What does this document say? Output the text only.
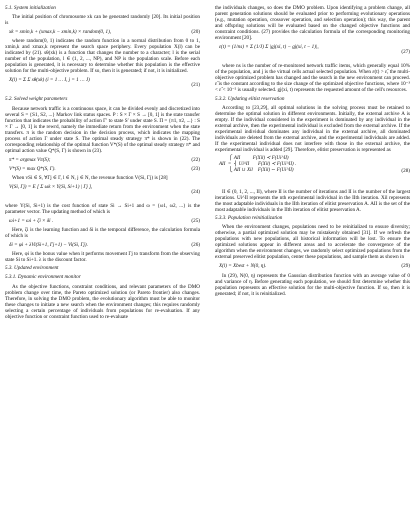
5.1. System initialization
The initial position of chromosome xk can be generated randomly [20]. Its initial position is
xk = xmin,k + (xmax,k − xmin,k) × random(0, 1),	(20)
where random(0, 1) indicates the random function in a normal distribution from 0 to 1, xmin,k and xmax,k represent the search space periphery. Every population X(l) can be indicated by (21). sθ(xk) is a function that changes the number to a character; l is the serial number of the population, l ∈ (1, 2, ..., NP), and NP is the population scale. Before each population is generated, it is necessary to determine whether this population is the effective solution for the multi-objective problem. If so, then it is generated; if not, it is initialized.
X(l) = Σ Σ sθ(xk) (i = 1 … I, j = 1 … J)
(21)
5.2. Solved weight parameters
Because network traffic is a continuous space, it can be divided evenly and discretized into several S = {S1, S2, ...} Markov link status spaces. P : S × Γ × S → [0, 1] is the state transfer function that indicates the probability of action Γ′ to state S′ under state S. Π = {π1, π2, ...} : S × Γ → [0, 1] is the rewrd, namely the immediate return from the environment when the state transfers. π is the random decision in the decision process, which indicates the mapping process of action Γ under state S. The optimal steady strategy π* is shown in (22). The corresponding relationship of the optimal function V*(S) of the optimal steady strategy π* and optimal action value Q*(S, Γ) is shown in (23).
π* = argmax Vπ(S);	(22)
V*(S) = max Q*(S, Γ).	(23)
When vSi ∈ S, ∀Γj ∈ Γ, l ∈ N, j ∈ N, the revenue function V(Si, Γj) is [28]
V(Si, Γj) = E [ Σ ωk × Υ(Si, Si+1) | Γj ],
(24)
where Υ(Si, Si+1) is the cost function of state Si → Si+1 and ω = {ω1, ω2, ...} is the parameter vector. The updating method of which is
ωi+1 = ωi + ζi × δi .	(25)
Here, ζi is the learning function and δi is the temporal difference, the calculation formula of which is
δi = φi + λVi(Si+1, Γj+1) − Vi(Si, Γj).	(26)
Here, φi is the bonus value when it performs movement Γj to transform from the observing state Si to Si+1. λ is the discount factor.
5.3. Updated environment
5.3.1. Dynamic environment monitor
As the objective functions, constraint conditions, and relevant parameters of the DMO problem change over time, the Pareto optimized solution (or Pareto frontier) also changes. Therefore, in solving the DMO problem, the evolutionary algorithm must be able to monitor these changes to initiate a new search when the environment changes; this requires randomly selecting a certain percentage of individuals from populations for re-evaluation. If any objective function or constraint function used to re-evaluate
the individuals changes, so does the DMO problem. Upon identifying a problem change, all parent generation solutions should be evaluated prior to performing evolutionary operations (e.g., mutation operation, crossover operation, and selection operation); this way, the parent and offspring solutions will be evaluated based on the changed objective functions and constraint conditions. (27) provides the calculation formula of the corresponding monitoring environment [20].
ε(t) = (1/ns) × Σ (1/J) Σ |gj(xi, t) − gj(xi, t − 1)|,
(27)
where ns is the number of re-monitored network traffic items, which generally equal 10% of the population, and j is the virtual cells actual selected population. When ε(t) > ε̃, the multi-objective optimized problem has changed and the search in the new environment can proceed. ε̃ is the constant according to the size change of the optimized objective functions, where 10⁻³ < ε̃ < 10⁻² is usually selected. gj(xi, t) represents the requested amount of the cell's resources.
5.3.2. Updating elitist reservation
According to [23,29], all optimal solutions in the solving process must be retained to determine the optimal solution in different environments. Initially, the external archive A is empty. If the individual considered in the experiment is dominated by any individual in the external archive, then the experimental individual is excluded from the external archive. If the experimental individual dominates any individual in the external archive, all dominated individuals are deleted from the external archive, and the experimental individuals are added. If the experimental individual does not interfere with those in the external archive, the experimental individual is added [29]. Therefore, elitist preservation is represented as
⎧ AII          F(Xil) ≺ F(Ui^II)
AII  =  ⎨ Ui^II       F(Xil) ≺ F(Ui^II) .
⎩ AII ∪ Xil    F(Xil) ∼ F(Ui^II)	(28)
II ∈ (0, 1, 2, ..., II), where II is the number of iterations and II is the number of the largest iterations. Ui^II represents the nth experimental individual in the IIth iteration. Xil represents the most adaptable individuals in the IIth iteration of elitist preservation A. AII is the set of the most adaptable individuals in the IIth iteration of elitist preservation A.
5.3.3. Population reinitialization
When the environment changes, populations need to be reinitialized to ensure diversity; otherwise, a partial optimized solution may be mistakenly obtained [31]. If we refresh the populations with new populations, all historical information will be lost. To ensure the optimized solutions appear in different areas and to accelerate the convergence of the algorithm when the environment changes, we randomly select optimized populations from the external preserved elitist population, center these populations, and sample them as shown in
X(l) = Xbest + N(0, η).	(29)
In (29), N(0, η) represents the Gaussian distribution function with an average value of 0 and variance of η. Before generating each population, we should first determine whether this population represents an effective solution for the multi-objective function. If so, then it is generated; if not, it is reinitialized.
